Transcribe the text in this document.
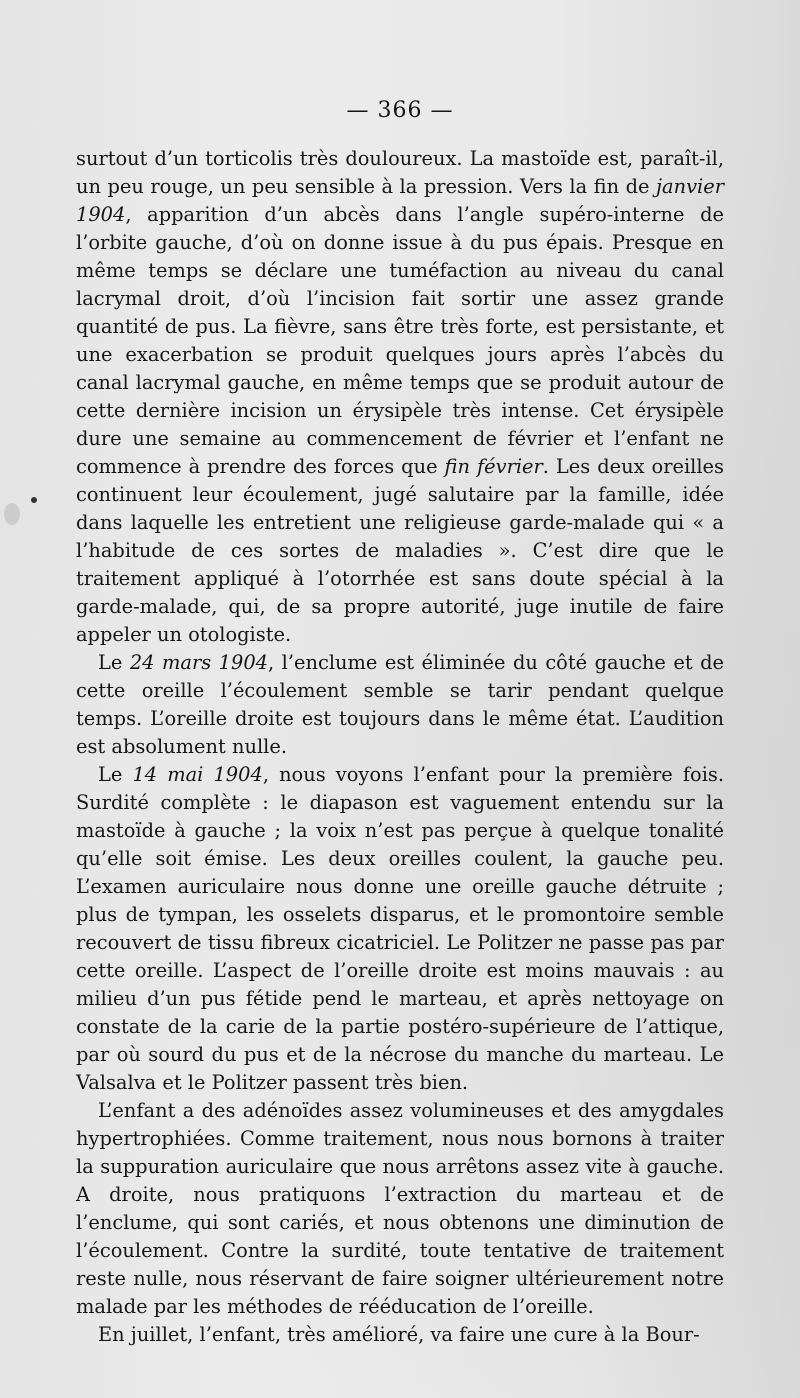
— 366 —

surtout d’un torticolis très douloureux. La mastoïde est, paraît-il, un peu rouge, un peu sensible à la pression. Vers la fin de janvier 1904, apparition d’un abcès dans l’angle supéro-interne de l’orbite gauche, d’où on donne issue à du pus épais. Presque en même temps se déclare une tuméfaction au niveau du canal lacrymal droit, d’où l’incision fait sortir une assez grande quantité de pus. La fièvre, sans être très forte, est persistante, et une exacerbation se produit quelques jours après l’abcès du canal lacrymal gauche, en même temps que se produit autour de cette dernière incision un érysipèle très intense. Cet érysipèle dure une semaine au commencement de février et l’enfant ne commence à prendre des forces que fin février. Les deux oreilles continuent leur écoulement, jugé salutaire par la famille, idée dans laquelle les entretient une religieuse garde-malade qui « a l’habitude de ces sortes de maladies ». C’est dire que le traitement appliqué à l’otorrhée est sans doute spécial à la garde-malade, qui, de sa propre autorité, juge inutile de faire appeler un otologiste.

Le 24 mars 1904, l’enclume est éliminée du côté gauche et de cette oreille l’écoulement semble se tarir pendant quelque temps. L’oreille droite est toujours dans le même état. L’audition est absolument nulle.

Le 14 mai 1904, nous voyons l’enfant pour la première fois. Surdité complète : le diapason est vaguement entendu sur la mastoïde à gauche ; la voix n’est pas perçue à quelque tonalité qu’elle soit émise. Les deux oreilles coulent, la gauche peu. L’examen auriculaire nous donne une oreille gauche détruite ; plus de tympan, les osselets disparus, et le promontoire semble recouvert de tissu fibreux cicatriciel. Le Politzer ne passe pas par cette oreille. L’aspect de l’oreille droite est moins mauvais : au milieu d’un pus fétide pend le marteau, et après nettoyage on constate de la carie de la partie postéro-supérieure de l’attique, par où sourd du pus et de la nécrose du manche du marteau. Le Valsalva et le Politzer passent très bien.

L’enfant a des adénoïdes assez volumineuses et des amygdales hypertrophiées. Comme traitement, nous nous bornons à traiter la suppuration auriculaire que nous arrêtons assez vite à gauche. A droite, nous pratiquons l’extraction du marteau et de l’enclume, qui sont cariés, et nous obtenons une diminution de l’écoulement. Contre la surdité, toute tentative de traitement reste nulle, nous réservant de faire soigner ultérieurement notre malade par les méthodes de rééducation de l’oreille.

En juillet, l’enfant, très amélioré, va faire une cure à la Bour-
